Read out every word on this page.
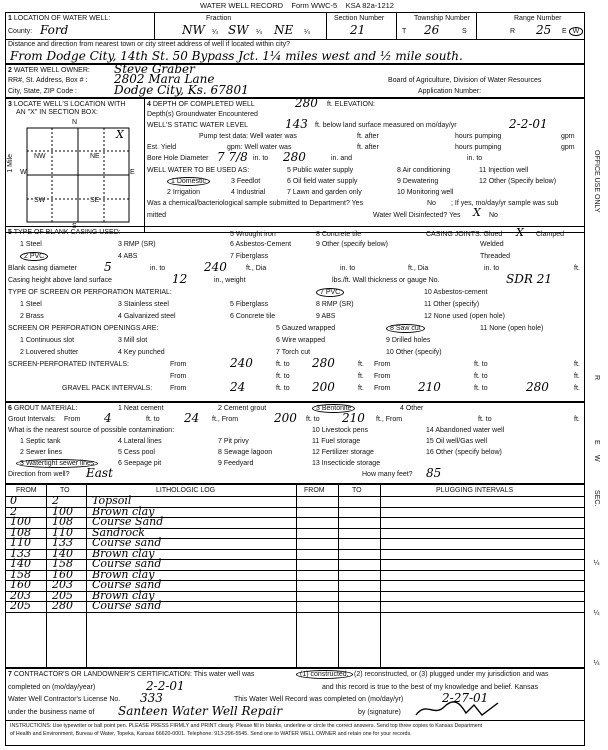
WATER WELL RECORD Form WWC-5 KSA 82a-1212
1 LOCATION OF WATER WELL:
County: Ford
Fraction
NW ¼ SW ¼ NE ¼
Section Number
21
Township Number
T 26	S
Range Number
R 25 E W
Distance and direction from nearest town or city street address of well if located within city?
From Dodge City, 14th St. 50 Bypass Jct. 1¼ miles west and ½ mile south.
2 WATER WELL OWNER: Steve Graber
RR#, St. Address, Box # : 2802 Mara Lane
City, State, ZIP Code :	Dodge City, Ks. 67801
Board of Agriculture, Division of Water Resources
Application Number:
3 LOCATE WELL'S LOCATION WITH
AN "X" IN SECTION BOX:
N
S
W	E
1 Mile	NW	NE
SW	SE
X
4 DEPTH OF COMPLETED WELL	280 ft. ELEVATION:
Depth(s) Groundwater Encountered
WELL'S STATIC WATER LEVEL	143 ft. below land surface measured on mo/day/yr	2-2-01
Pump test data: Well water was	ft. after	hours pumping	gpm
Est. Yield	gpm: Well water was	ft. after	hours pumping	gpm
Bore Hole Diameter 7 7/8 in. to 280	in. and	in. to
WELL WATER TO BE USED AS:
1 Domestic	3 Feedlot
5 Public water supply	8 Air conditioning	11 Injection well
2 Irrigation	4 Industrial	7 Lawn and garden only
9 Dewatering	12 Other (Specify below)
6 Oil field water supply
10 Monitoring well
Was a chemical/bacteriological sample submitted to Department? Yes	No ; If yes, mo/day/yr sample was sub
mitted	Water Well Disinfected? Yes X No
5 TYPE OF BLANK CASING USED:
1 Steel	3 RMP (SR)
5 Wrought iron	8 Concrete tile
2 PVC	4 ABS
6 Asbestos-Cement	9 Other (specify below)
7 Fiberglass
CASING JOINTS: Glued X Clamped
Welded
Threaded
Blank casing diameter 5	in. to	240	ft., Dia	in. to	ft., Dia	in. to	ft.
Casing height above land surface	12	in., weight	lbs./ft. Wall thickness or gauge No.	SDR 21
TYPE OF SCREEN OR PERFORATION MATERIAL:
1 Steel	3 Stainless steel	5 Fiberglass
7 PVC	10 Asbestos-cement
2 Brass	4 Galvanized steel	6 Concrete tile
8 RMP (SR)	11 Other (specify)
9 ABS	12 None used (open hole)
SCREEN OR PERFORATION OPENINGS ARE:	5 Gauzed wrapped	8 Saw cut	11 None (open hole)
1 Continuous slot	3 Mill slot	6 Wire wrapped	9 Drilled holes
2 Louvered shutter	4 Key punched	7 Torch cut	10 Other (specify)
SCREEN-PERFORATED INTERVALS:	From	240	ft. to 280	ft. From	ft. to	ft.
From	ft. to	ft. From	ft. to	ft.
GRAVEL PACK INTERVALS:	From	24	ft. to 200	ft. From 210	ft. to	280	ft.
6 GROUT MATERIAL:	1 Neat cement	2 Cement grout	3 Bentonite	4 Other
Grout Intervals: From 4	ft. to 24 ft., From	200 ft. to 210 ft., From	ft. to	ft.
What is the nearest source of possible contamination:
1 Septic tank	4 Lateral lines	7 Pit privy
10 Livestock pens	14 Abandoned water well
2 Sewer lines	5 Cess pool	8 Sewage lagoon
11 Fuel storage	15 Oil well/Gas well
3 Watertight sewer lines	6 Seepage pit	9 Feedyard
12 Fertilizer storage	16 Other (specify below)
13 Insecticide storage
Direction from well? East	How many feet? 85
FROM	TO	LITHOLOGIC LOG	FROM	TO	PLUGGING INTERVALS
0	2	Topsoil
2	100 Brown clay
100 108 Course Sand
108 110 Sandrock
110 133 Course sand
133 140 Brown clay
140 158 Course sand
158 160 Brown clay
160 203 Course sand
203 205 Brown clay
205 280 Course sand
7 CONTRACTOR'S OR LANDOWNER'S CERTIFICATION: This water well was	(1) constructed, (2) reconstructed, or (3) plugged under my jurisdiction and was
completed on (mo/day/year)	2-2-01	and this record is true to the best of my knowledge and belief. Kansas
Water Well Contractor's License No. 333	This Water Well Record was completed on (mo/day/yr)	2-27-01
under the business name of Santeen Water Well Repair	by (signature)
INSTRUCTIONS: Use typewriter or ball point pen. PLEASE PRESS FIRMLY and PRINT clearly. Please fill in blanks, underline or circle the correct answers. Send top three copies to Kansas Department
of Health and Environment, Bureau of Water, Topeka, Kansas 66620-0001. Telephone: 913-296-5545. Send one to WATER WELL OWNER and retain one for your records.
OFFICE USE ONLY
R
E
W
SEC.
¼
¼
¼
